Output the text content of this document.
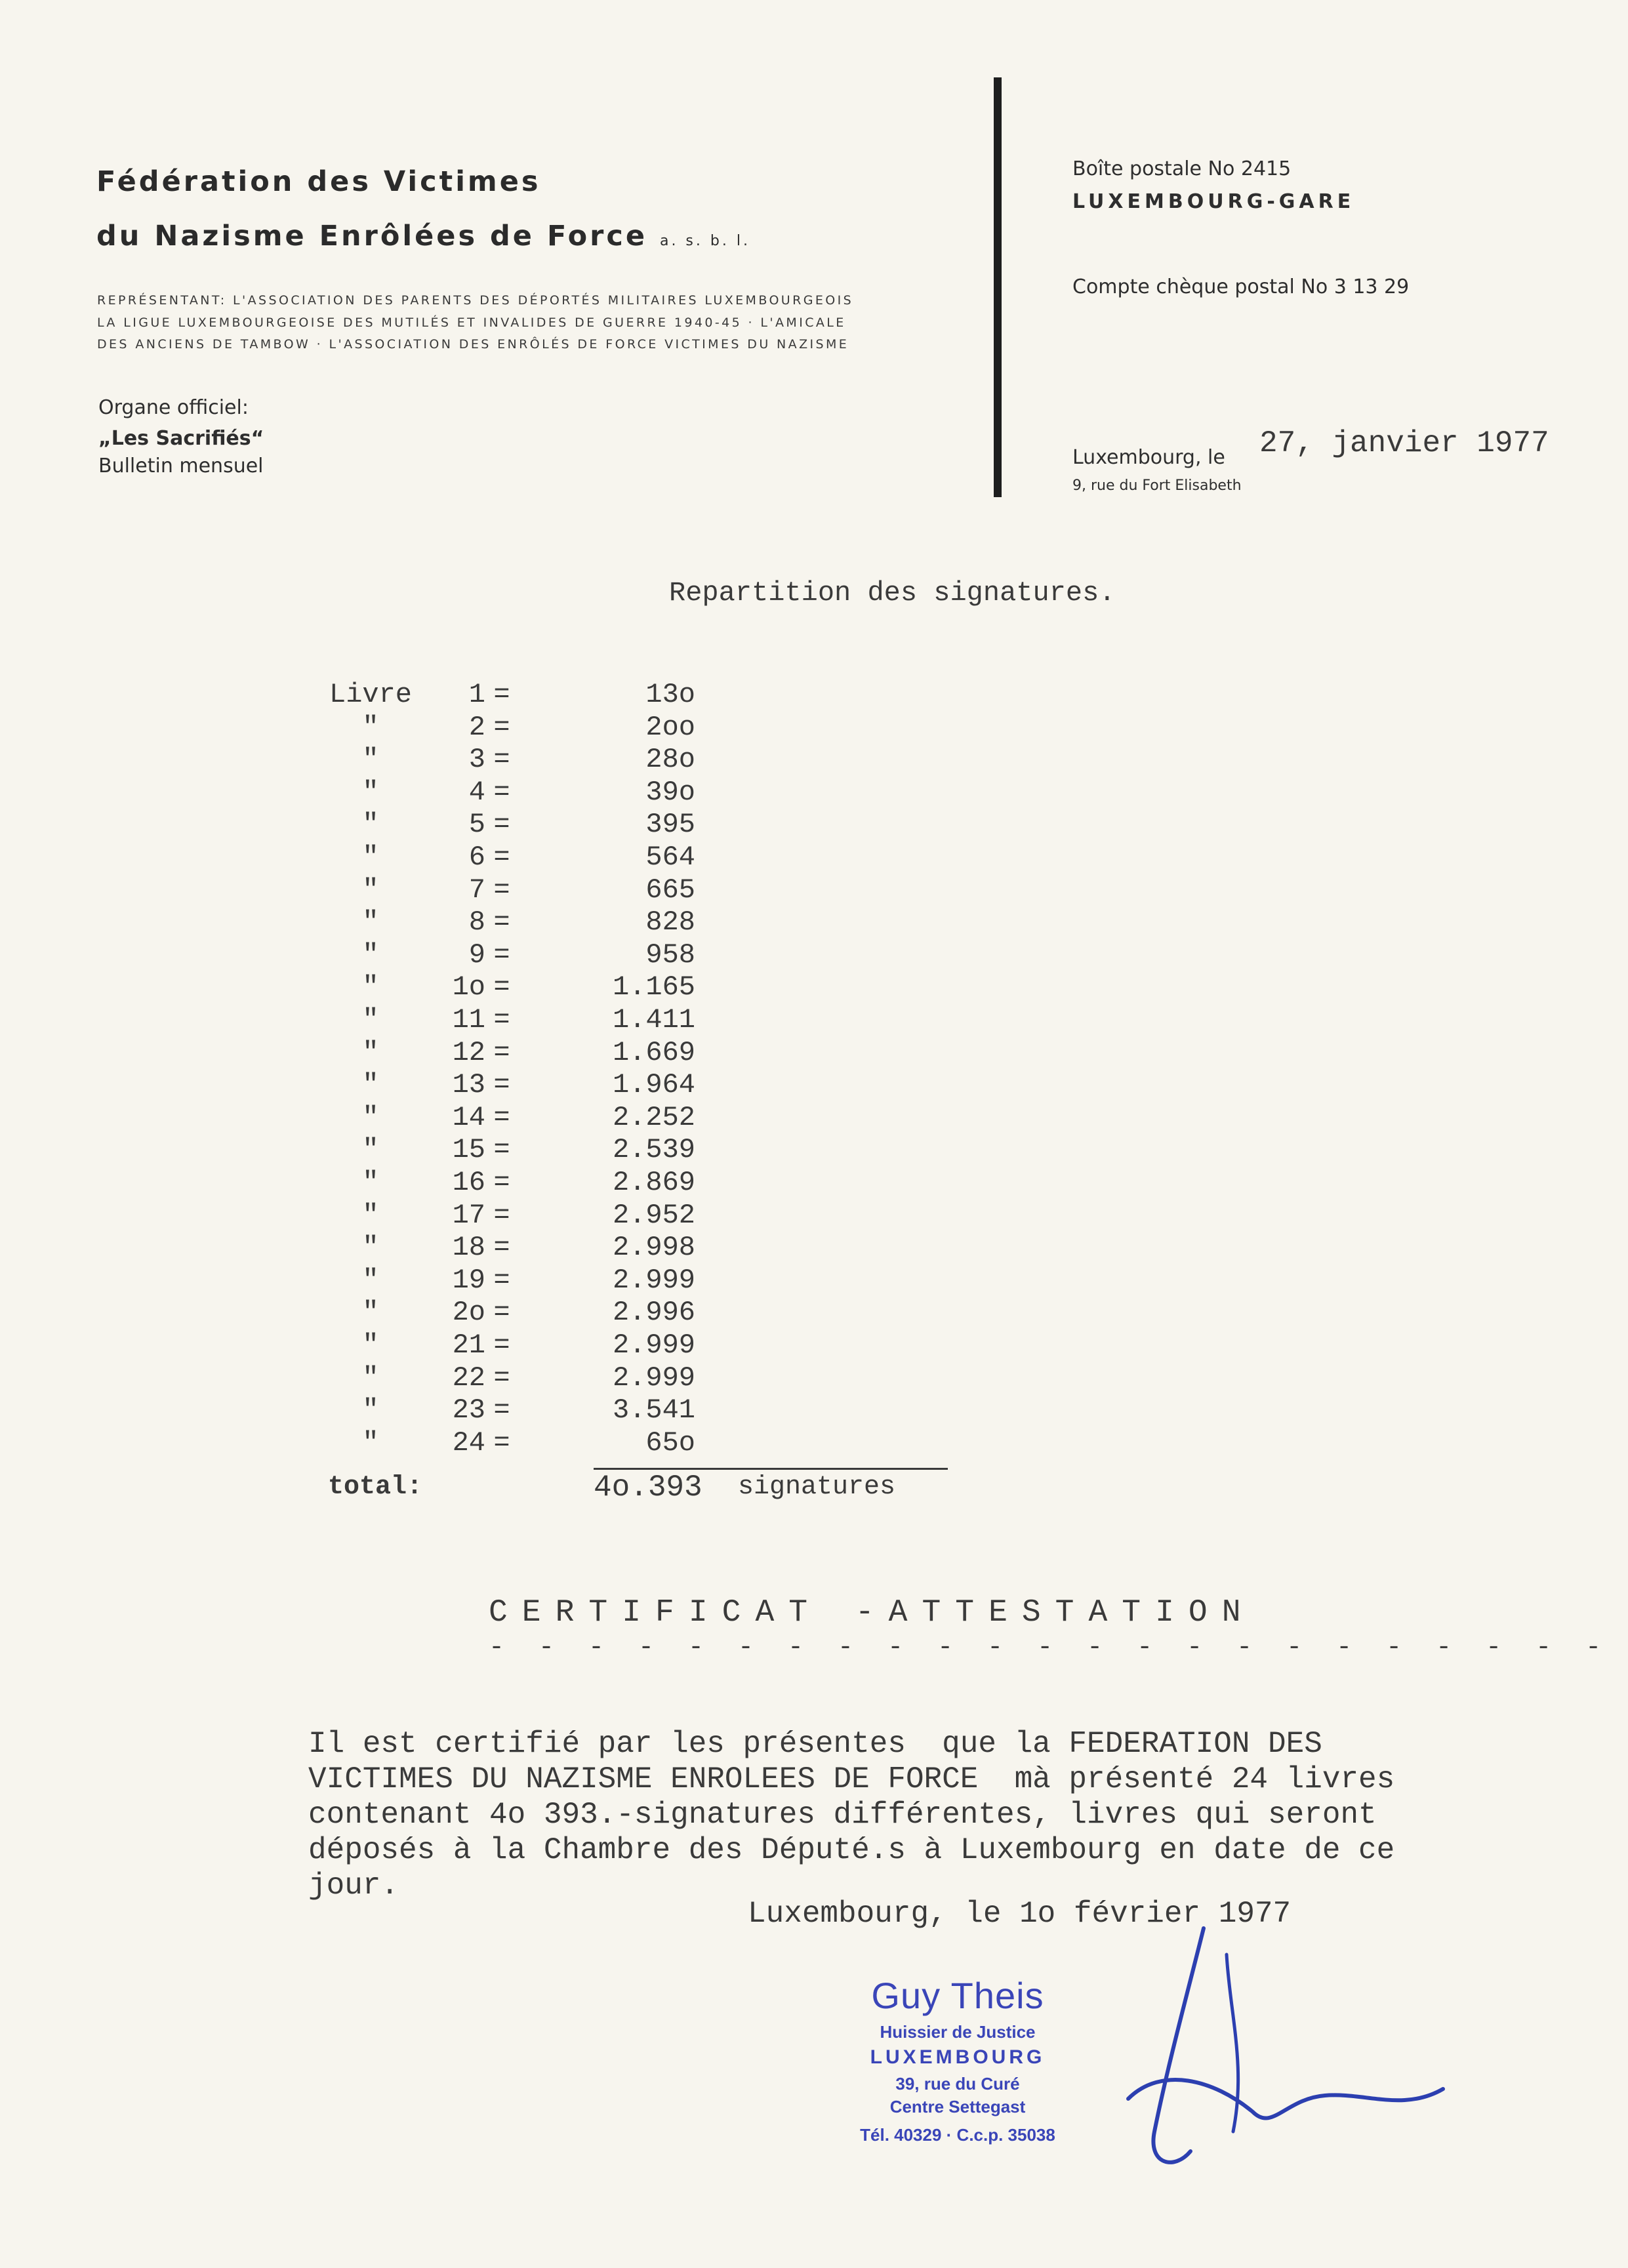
Fédération des Victimes
du Nazisme Enrôlées de Force a. s. b. l.
REPRÉSENTANT: L'ASSOCIATION DES PARENTS DES DÉPORTÉS MILITAIRES LUXEMBOURGEOIS
LA LIGUE LUXEMBOURGEOISE DES MUTILÉS ET INVALIDES DE GUERRE 1940-45 · L'AMICALE
DES ANCIENS DE TAMBOW · L'ASSOCIATION DES ENRÔLÉS DE FORCE VICTIMES DU NAZISME
Organe officiel:
„Les Sacrifiés“
Bulletin mensuel
Boîte postale No 2415
LUXEMBOURG-GARE
Compte chèque postal No 3 13 29
Luxembourg, le 27, janvier 1977
9, rue du Fort Elisabeth
Repartition des signatures.
Livre	1 =	13o
"	2 =	2oo
"	3 =	28o
"	4 =	39o
"	5 =	395
"	6 =	564
"	7 =	665
"	8 =	828
"	9 =	958
"	1o =	1.165
"	11 =	1.411
"	12 =	1.669
"	13 =	1.964
"	14 =	2.252
"	15 =	2.539
"	16 =	2.869
"	17 =	2.952
"	18 =	2.998
"	19 =	2.999
"	2o =	2.996
"	21 =	2.999
"	22 =	2.999
"	23 =	3.541
"	24 =	65o
total:	4o.393 signatures
CERTIFICAT -ATTESTATION
- - - - - - - - - - - - - - - - - - - - - - -
Il est certifié par les présentes  que la FEDERATION DES
VICTIMES DU NAZISME ENROLEES DE FORCE  mà présenté 24 livres
contenant 4o 393.-signatures différentes, livres qui seront
déposés à la Chambre des Député.s à Luxembourg en date de ce
jour.
Luxembourg, le 1o février 1977
Guy Theis
Huissier de Justice
LUXEMBOURG
39, rue du Curé
Centre Settegast
Tél. 40329 · C.c.p. 35038
